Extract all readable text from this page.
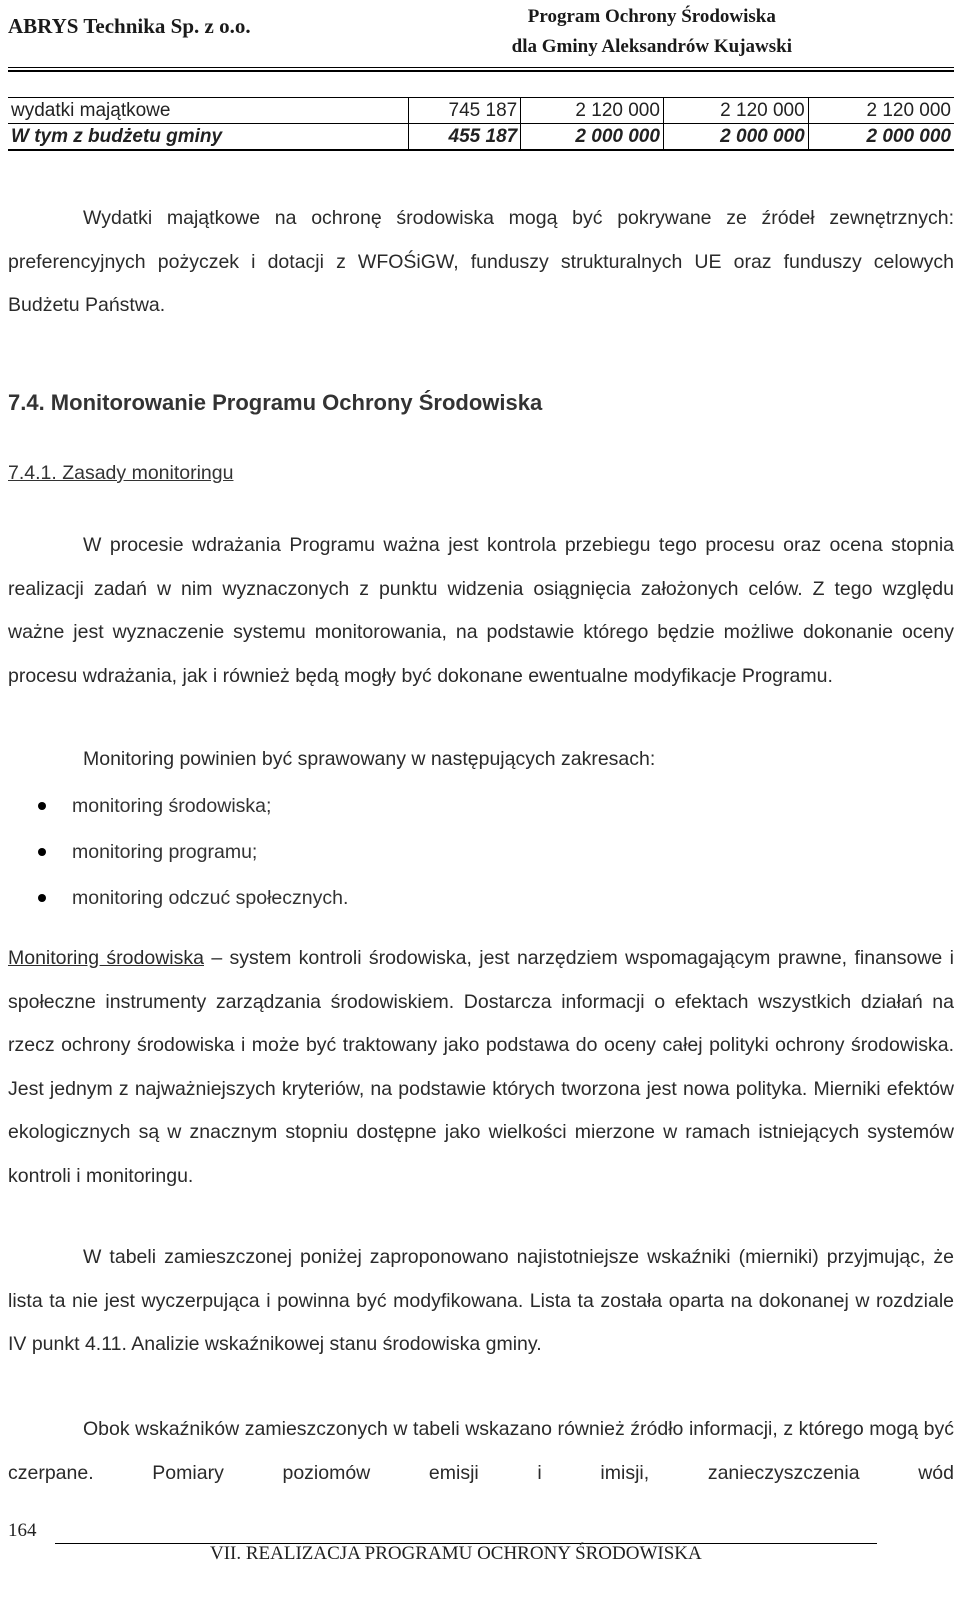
ABRYS Technika Sp. z o.o.	Program Ochrony Środowiska
dla Gminy Aleksandrów Kujawski
wydatki majątkowe	745 187	2 120 000	2 120 000	2 120 000
W tym z budżetu gminy	455 187	2 000 000	2 000 000	2 000 000

Wydatki majątkowe na ochronę środowiska mogą być pokrywane ze źródeł zewnętrznych: preferencyjnych pożyczek i dotacji z WFOŚiGW, funduszy strukturalnych UE oraz funduszy celowych Budżetu Państwa.

7.4. Monitorowanie Programu Ochrony Środowiska
7.4.1. Zasady monitoringu

W procesie wdrażania Programu ważna jest kontrola przebiegu tego procesu oraz ocena stopnia realizacji zadań w nim wyznaczonych z punktu widzenia osiągnięcia założonych celów. Z tego względu ważne jest wyznaczenie systemu monitorowania, na podstawie którego będzie możliwe dokonanie oceny procesu wdrażania, jak i również będą mogły być dokonane ewentualne modyfikacje Programu.

Monitoring powinien być sprawowany w następujących zakresach:

monitoring środowiska;
monitoring programu;
monitoring odczuć społecznych.

Monitoring środowiska – system kontroli środowiska, jest narzędziem wspomagającym prawne, finansowe i społeczne instrumenty zarządzania środowiskiem. Dostarcza informacji o efektach wszystkich działań na rzecz ochrony środowiska i może być traktowany jako podstawa do oceny całej polityki ochrony środowiska. Jest jednym z najważniejszych kryteriów, na podstawie których tworzona jest nowa polityka. Mierniki efektów ekologicznych są w znacznym stopniu dostępne jako wielkości mierzone w ramach istniejących systemów kontroli i monitoringu.

W tabeli zamieszczonej poniżej zaproponowano najistotniejsze wskaźniki (mierniki) przyjmując, że lista ta nie jest wyczerpująca i powinna być modyfikowana. Lista ta została oparta na dokonanej w rozdziale IV punkt 4.11. Analizie wskaźnikowej stanu środowiska gminy.

Obok wskaźników zamieszczonych w tabeli wskazano również źródło informacji, z którego mogą być czerpane. Pomiary poziomów emisji i imisji, zanieczyszczenia wód

164
VII. REALIZACJA PROGRAMU OCHRONY ŚRODOWISKA
